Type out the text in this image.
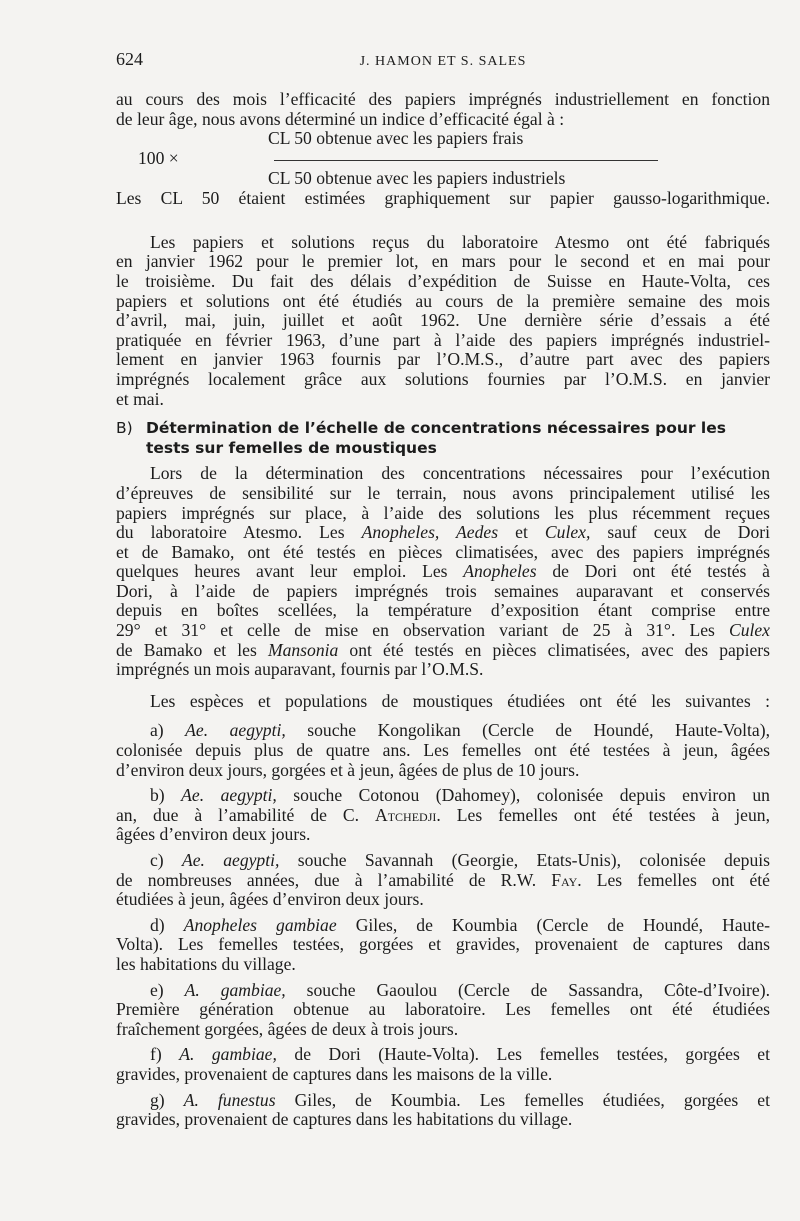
624	J. HAMON ET S. SALES
au cours des mois l’efficacité des papiers imprégnés industriellement en fonction
de leur âge, nous avons déterminé un indice d’efficacité égal à :
CL 50 obtenue avec les papiers frais
100 ×
CL 50 obtenue avec les papiers industriels
Les CL 50 étaient estimées graphiquement sur papier gausso-logarithmique.
Les papiers et solutions reçus du laboratoire Atesmo ont été fabriqués
en janvier 1962 pour le premier lot, en mars pour le second et en mai pour
le troisième. Du fait des délais d’expédition de Suisse en Haute-Volta, ces
papiers et solutions ont été étudiés au cours de la première semaine des mois
d’avril, mai, juin, juillet et août 1962. Une dernière série d’essais a été
pratiquée en février 1963, d’une part à l’aide des papiers imprégnés industriel-
lement en janvier 1963 fournis par l’O.M.S., d’autre part avec des papiers
imprégnés localement grâce aux solutions fournies par l’O.M.S. en janvier
et mai.
B) Détermination de l’échelle de concentrations nécessaires pour les
tests sur femelles de moustiques
Lors de la détermination des concentrations nécessaires pour l’exécution
d’épreuves de sensibilité sur le terrain, nous avons principalement utilisé les
papiers imprégnés sur place, à l’aide des solutions les plus récemment reçues
du laboratoire Atesmo. Les Anopheles, Aedes et Culex, sauf ceux de Dori
et de Bamako, ont été testés en pièces climatisées, avec des papiers imprégnés
quelques heures avant leur emploi. Les Anopheles de Dori ont été testés à
Dori, à l’aide de papiers imprégnés trois semaines auparavant et conservés
depuis en boîtes scellées, la température d’exposition étant comprise entre
29° et 31° et celle de mise en observation variant de 25 à 31°. Les Culex
de Bamako et les Mansonia ont été testés en pièces climatisées, avec des papiers
imprégnés un mois auparavant, fournis par l’O.M.S.
Les espèces et populations de moustiques étudiées ont été les suivantes :
a) Ae. aegypti, souche Kongolikan (Cercle de Houndé, Haute-Volta),
colonisée depuis plus de quatre ans. Les femelles ont été testées à jeun, âgées
d’environ deux jours, gorgées et à jeun, âgées de plus de 10 jours.
b) Ae. aegypti, souche Cotonou (Dahomey), colonisée depuis environ un
an, due à l’amabilité de C. Atchedji. Les femelles ont été testées à jeun,
âgées d’environ deux jours.
c) Ae. aegypti, souche Savannah (Georgie, Etats-Unis), colonisée depuis
de nombreuses années, due à l’amabilité de R.W. Fay. Les femelles ont été
étudiées à jeun, âgées d’environ deux jours.
d) Anopheles gambiae Giles, de Koumbia (Cercle de Houndé, Haute-
Volta). Les femelles testées, gorgées et gravides, provenaient de captures dans
les habitations du village.
e) A. gambiae, souche Gaoulou (Cercle de Sassandra, Côte-d’Ivoire).
Première génération obtenue au laboratoire. Les femelles ont été étudiées
fraîchement gorgées, âgées de deux à trois jours.
f) A. gambiae, de Dori (Haute-Volta). Les femelles testées, gorgées et
gravides, provenaient de captures dans les maisons de la ville.
g) A. funestus Giles, de Koumbia. Les femelles étudiées, gorgées et
gravides, provenaient de captures dans les habitations du village.
